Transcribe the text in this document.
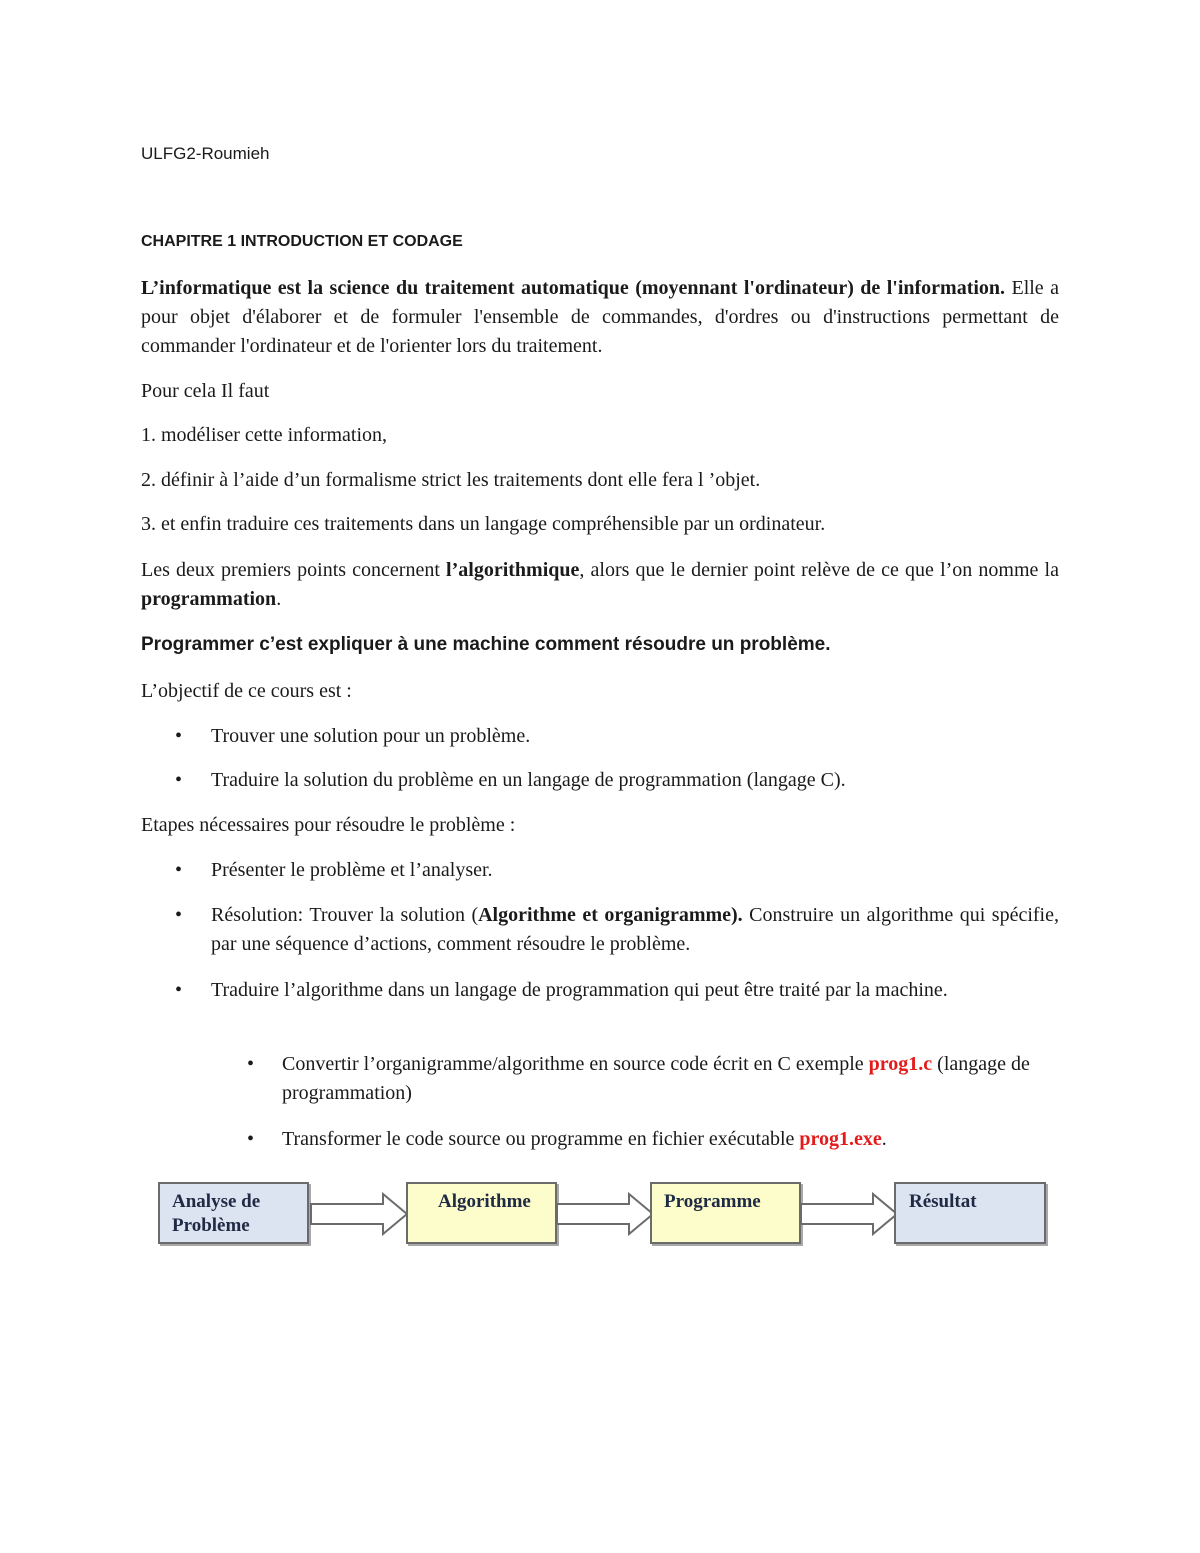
ULFG2-Roumieh
CHAPITRE 1 INTRODUCTION ET CODAGE
L’informatique est la science du traitement automatique (moyennant l'ordinateur) de l'information. Elle a pour objet d'élaborer et de formuler l'ensemble de commandes, d'ordres ou d'instructions permettant de commander l'ordinateur et de l'orienter lors du traitement.
Pour cela Il faut
1. modéliser cette information,
2. définir à l’aide d’un formalisme strict les traitements dont elle fera l ’objet.
3. et enfin traduire ces traitements dans un langage compréhensible par un ordinateur.
Les deux premiers points concernent l’algorithmique, alors que le dernier point relève de ce que l’on nomme la programmation.
Programmer c’est expliquer à une machine comment résoudre un problème.
L’objectif de ce cours est :
• Trouver une solution pour un problème.
• Traduire la solution du problème en un langage de programmation (langage C).
Etapes nécessaires pour résoudre le problème :
• Présenter le problème et l’analyser.
• Résolution: Trouver la solution (Algorithme et organigramme). Construire un algorithme qui spécifie, par une séquence d’actions, comment résoudre le problème.
• Traduire l’algorithme dans un langage de programmation qui peut être traité par la machine.
• Convertir l’organigramme/algorithme en source code écrit en C exemple prog1.c (langage de programmation)
• Transformer le code source ou programme en fichier exécutable prog1.exe.
Analyse de Problème
Algorithme	Programme	Résultat
